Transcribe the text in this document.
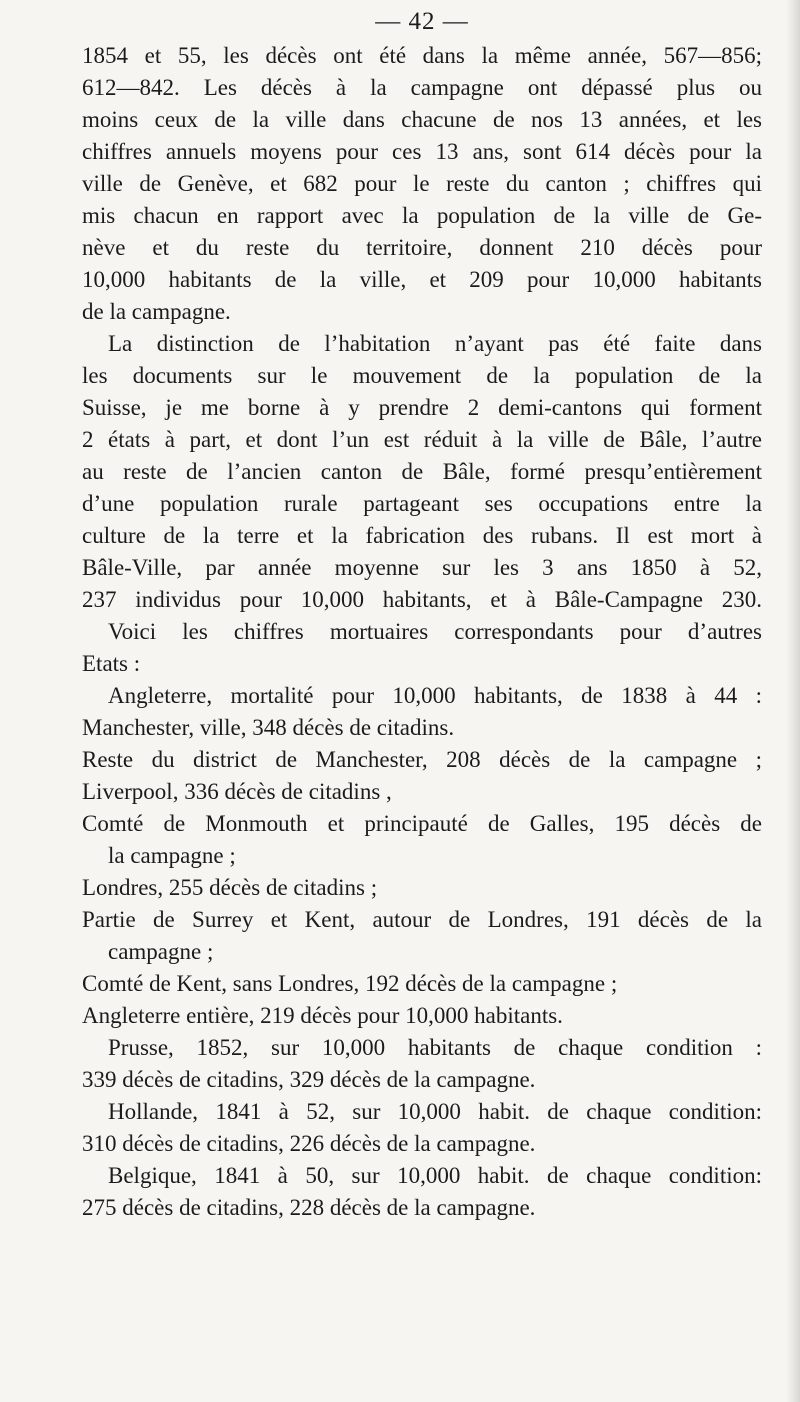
— 42 —
1854 et 55, les décès ont été dans la même année, 567—856;
612—842. Les décès à la campagne ont dépassé plus ou
moins ceux de la ville dans chacune de nos 13 années, et les
chiffres annuels moyens pour ces 13 ans, sont 614 décès pour la
ville de Genève, et 682 pour le reste du canton ; chiffres qui
mis chacun en rapport avec la population de la ville de Ge-
nève et du reste du territoire, donnent 210 décès pour
10,000 habitants de la ville, et 209 pour 10,000 habitants
de la campagne.
La distinction de l’habitation n’ayant pas été faite dans
les documents sur le mouvement de la population de la
Suisse, je me borne à y prendre 2 demi-cantons qui forment
2 états à part, et dont l’un est réduit à la ville de Bâle, l’autre
au reste de l’ancien canton de Bâle, formé presqu’entièrement
d’une population rurale partageant ses occupations entre la
culture de la terre et la fabrication des rubans. Il est mort à
Bâle-Ville, par année moyenne sur les 3 ans 1850 à 52,
237 individus pour 10,000 habitants, et à Bâle-Campagne 230.
Voici les chiffres mortuaires correspondants pour d’autres
Etats :
Angleterre, mortalité pour 10,000 habitants, de 1838 à 44 :
Manchester, ville, 348 décès de citadins.
Reste du district de Manchester, 208 décès de la campagne ;
Liverpool, 336 décès de citadins ,
Comté de Monmouth et principauté de Galles, 195 décès de
la campagne ;
Londres, 255 décès de citadins ;
Partie de Surrey et Kent, autour de Londres, 191 décès de la
campagne ;
Comté de Kent, sans Londres, 192 décès de la campagne ;
Angleterre entière, 219 décès pour 10,000 habitants.
Prusse, 1852, sur 10,000 habitants de chaque condition :
339 décès de citadins, 329 décès de la campagne.
Hollande, 1841 à 52, sur 10,000 habit. de chaque condition:
310 décès de citadins, 226 décès de la campagne.
Belgique, 1841 à 50, sur 10,000 habit. de chaque condition:
275 décès de citadins, 228 décès de la campagne.
